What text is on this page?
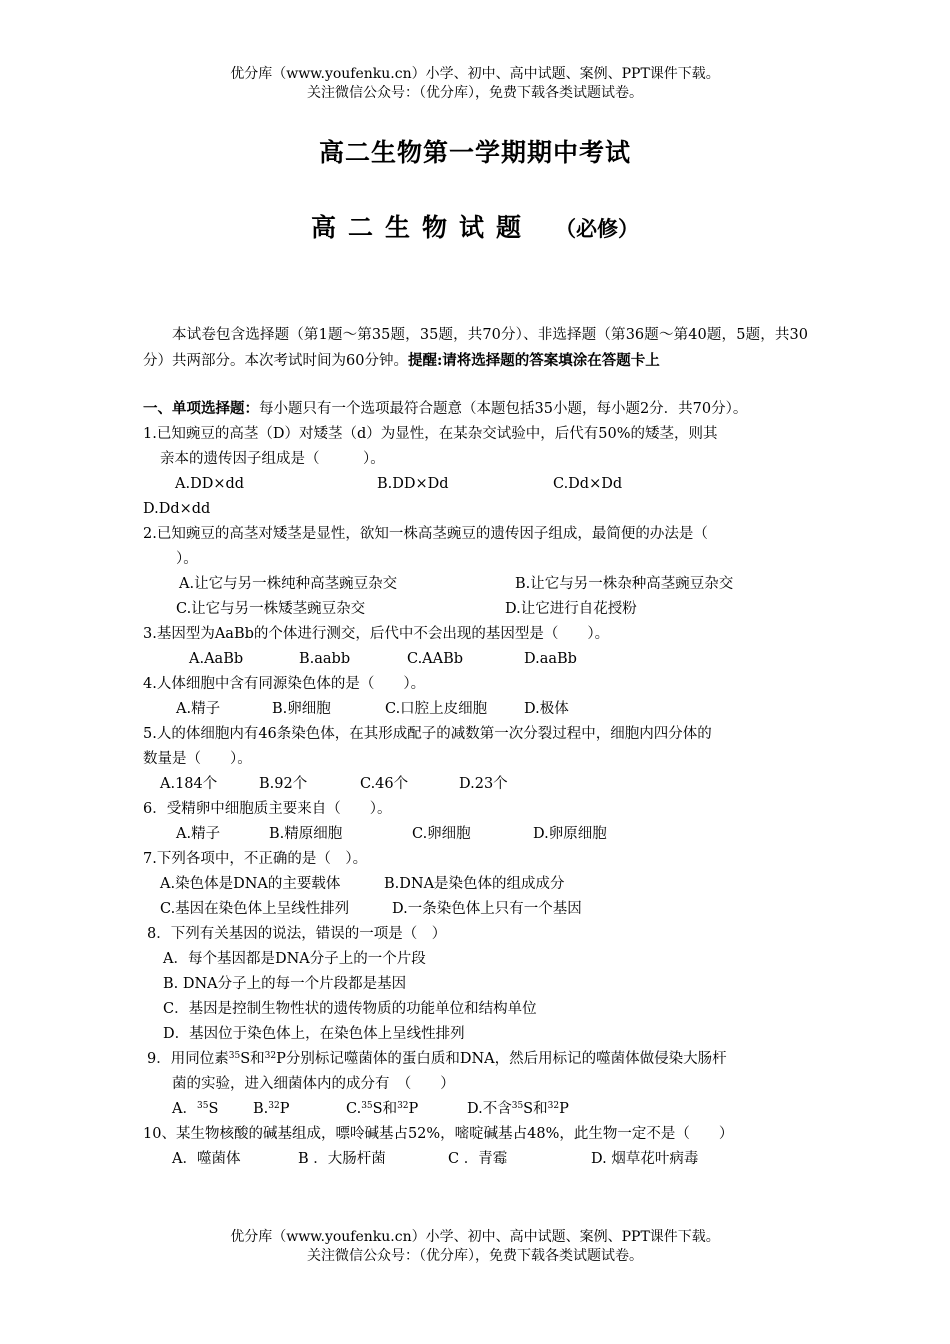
优分库（www.youfenku.cn）小学、初中、高中试题、案例、PPT课件下载。
关注微信公众号：（优分库），免费下载各类试题试卷。
高二生物第一学期期中考试
高二生物试题 （必修）
本试卷包含选择题（第1题～第35题，35题，共70分）、非选择题（第36题～第40题，5题，共30分）共两部分。本次考试时间为60分钟。提醒:请将选择题的答案填涂在答题卡上
一、单项选择题：每小题只有一个选项最符合题意（本题包括35小题，每小题2分．共70分）。
1.已知豌豆的高茎（D）对矮茎（d）为显性，在某杂交试验中，后代有50%的矮茎，则其
亲本的遗传因子组成是（　　　）。
A.DD×dd	B.DD×Dd	C.Dd×Dd
D.Dd×dd
2.已知豌豆的高茎对矮茎是显性，欲知一株高茎豌豆的遗传因子组成，最简便的办法是（
）。
A.让它与另一株纯种高茎豌豆杂交	B.让它与另一株杂种高茎豌豆杂交
C.让它与另一株矮茎豌豆杂交	D.让它进行自花授粉
3.基因型为AaBb的个体进行测交，后代中不会出现的基因型是（　　）。
A.AaBb	B.aabb	C.AABb	D.aaBb
4.人体细胞中含有同源染色体的是（　　）。
A.精子	B.卵细胞	C.口腔上皮细胞	D.极体
5.人的体细胞内有46条染色体，在其形成配子的减数第一次分裂过程中，细胞内四分体的
数量是（　　）。
A.184个	B.92个	C.46个	D.23个
6．受精卵中细胞质主要来自（　　）。
A.精子	B.精原细胞	C.卵细胞	D.卵原细胞
7.下列各项中，不正确的是（　）。
A.染色体是DNA的主要载体	B.DNA是染色体的组成成分
C.基因在染色体上呈线性排列	D.一条染色体上只有一个基因
8．下列有关基因的说法，错误的一项是（　）
A．每个基因都是DNA分子上的一个片段
B. DNA分子上的每一个片段都是基因
C．基因是控制生物性状的遗传物质的功能单位和结构单位
D．基因位于染色体上，在染色体上呈线性排列
9．用同位素$^{35}$S和$^{32}$P分别标记噬菌体的蛋白质和DNA，然后用标记的噬菌体做侵染大肠杆
菌的实验，进入细菌体内的成分有　（　　）
A．$^{35}$S B.$^{32}$P	C.$^{35}$S和$^{32}$P	D.不含$^{35}$S和$^{32}$P
10、某生物核酸的碱基组成，嘌呤碱基占52%，嘧啶碱基占48%，此生物一定不是（　　）
A．噬菌体	B ．大肠杆菌	C ．青霉	D. 烟草花叶病毒
优分库（www.youfenku.cn）小学、初中、高中试题、案例、PPT课件下载。
关注微信公众号：（优分库），免费下载各类试题试卷。
